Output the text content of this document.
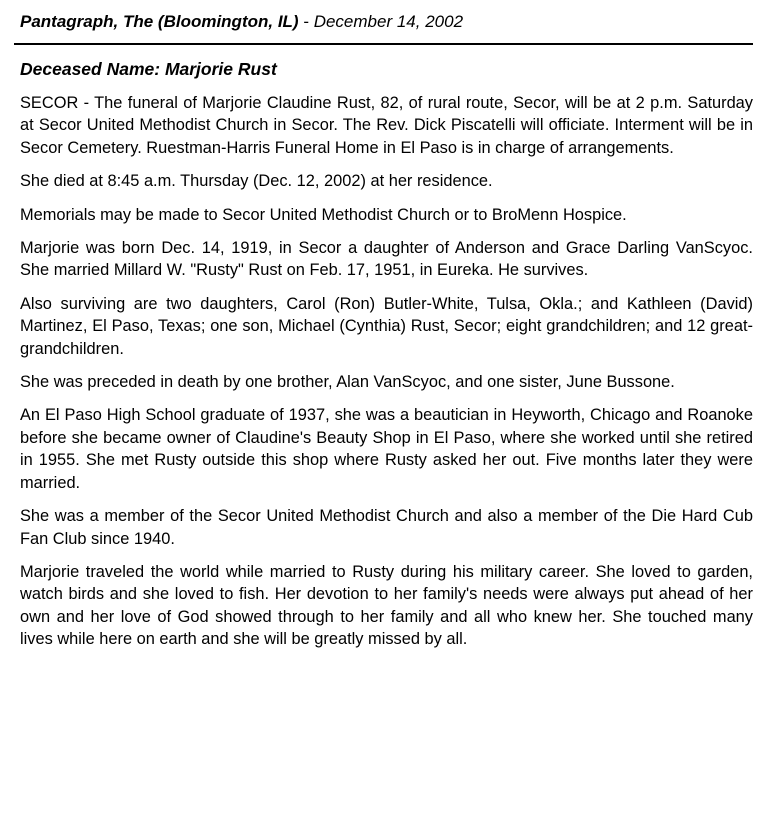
Pantagraph, The (Bloomington, IL) - December 14, 2002
Deceased Name: Marjorie Rust

SECOR - The funeral of Marjorie Claudine Rust, 82, of rural route, Secor, will be at 2 p.m. Saturday at Secor United Methodist Church in Secor. The Rev. Dick Piscatelli will officiate. Interment will be in Secor Cemetery. Ruestman-Harris Funeral Home in El Paso is in charge of arrangements.

She died at 8:45 a.m. Thursday (Dec. 12, 2002) at her residence.

Memorials may be made to Secor United Methodist Church or to BroMenn Hospice.

Marjorie was born Dec. 14, 1919, in Secor a daughter of Anderson and Grace Darling VanScyoc. She married Millard W. "Rusty" Rust on Feb. 17, 1951, in Eureka. He survives.

Also surviving are two daughters, Carol (Ron) Butler-White, Tulsa, Okla.; and Kathleen (David) Martinez, El Paso, Texas; one son, Michael (Cynthia) Rust, Secor; eight grandchildren; and 12 great-grandchildren.

She was preceded in death by one brother, Alan VanScyoc, and one sister, June Bussone.

An El Paso High School graduate of 1937, she was a beautician in Heyworth, Chicago and Roanoke before she became owner of Claudine's Beauty Shop in El Paso, where she worked until she retired in 1955. She met Rusty outside this shop where Rusty asked her out. Five months later they were married.

She was a member of the Secor United Methodist Church and also a member of the Die Hard Cub Fan Club since 1940.

Marjorie traveled the world while married to Rusty during his military career. She loved to garden, watch birds and she loved to fish. Her devotion to her family's needs were always put ahead of her own and her love of God showed through to her family and all who knew her. She touched many lives while here on earth and she will be greatly missed by all.
